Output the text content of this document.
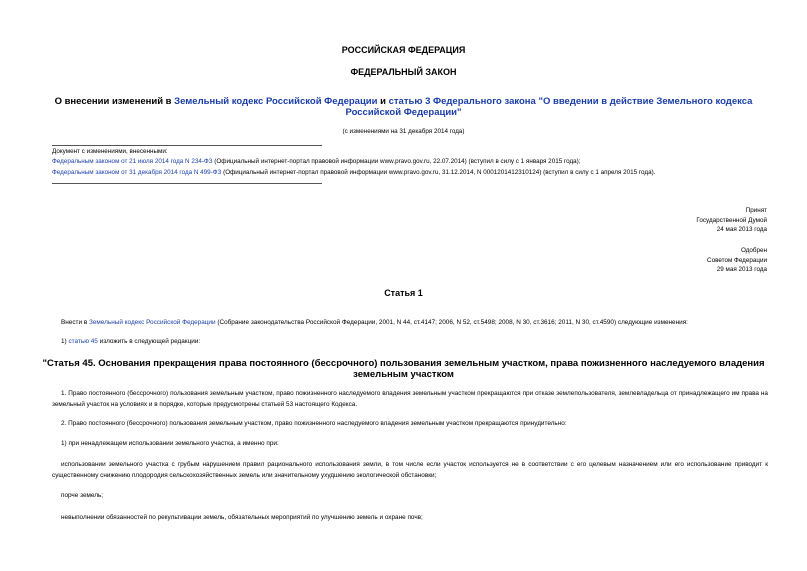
РОССИЙСКАЯ ФЕДЕРАЦИЯ
ФЕДЕРАЛЬНЫЙ ЗАКОН
О внесении изменений в Земельный кодекс Российской Федерации и статью 3 Федерального закона "О введении в действие Земельного кодекса Российской Федерации"
(с изменениями на 31 декабря 2014 года)
Документ с изменениями, внесенными:
Федеральным законом от 21 июля 2014 года N 234-ФЗ (Официальный интернет-портал правовой информации www.pravo.gov.ru, 22.07.2014) (вступил в силу с 1 января 2015 года);
Федеральным законом от 31 декабря 2014 года N 499-ФЗ (Официальный интернет-портал правовой информации www.pravo.gov.ru, 31.12.2014, N 0001201412310124) (вступил в силу с 1 апреля 2015 года).
Принят
Государственной Думой
24 мая 2013 года
Одобрен
Советом Федерации
29 мая 2013 года
Статья 1
Внести в Земельный кодекс Российской Федерации (Собрание законодательства Российской Федерации, 2001, N 44, ст.4147; 2006, N 52, ст.5498; 2008, N 30, ст.3616; 2011, N 30, ст.4590) следующие изменения:
1) статью 45 изложить в следующей редакции:
"Статья 45. Основания прекращения права постоянного (бессрочного) пользования земельным участком, права пожизненного наследуемого владения земельным участком
1. Право постоянного (бессрочного) пользования земельным участком, право пожизненного наследуемого владения земельным участком прекращаются при отказе землепользователя, землевладельца от принадлежащего им права на земельный участок на условиях и в порядке, которые предусмотрены статьей 53 настоящего Кодекса.
2. Право постоянного (бессрочного) пользования земельным участком, право пожизненного наследуемого владения земельным участком прекращаются принудительно:
1) при ненадлежащем использовании земельного участка, а именно при:
использовании земельного участка с грубым нарушением правил рационального использования земли, в том числе если участок используется не в соответствии с его целевым назначением или его использование приводит к существенному снижению плодородия сельскохозяйственных земель или значительному ухудшению экологической обстановки;
порче земель;
невыполнении обязанностей по рекультивации земель, обязательных мероприятий по улучшению земель и охране почв;
